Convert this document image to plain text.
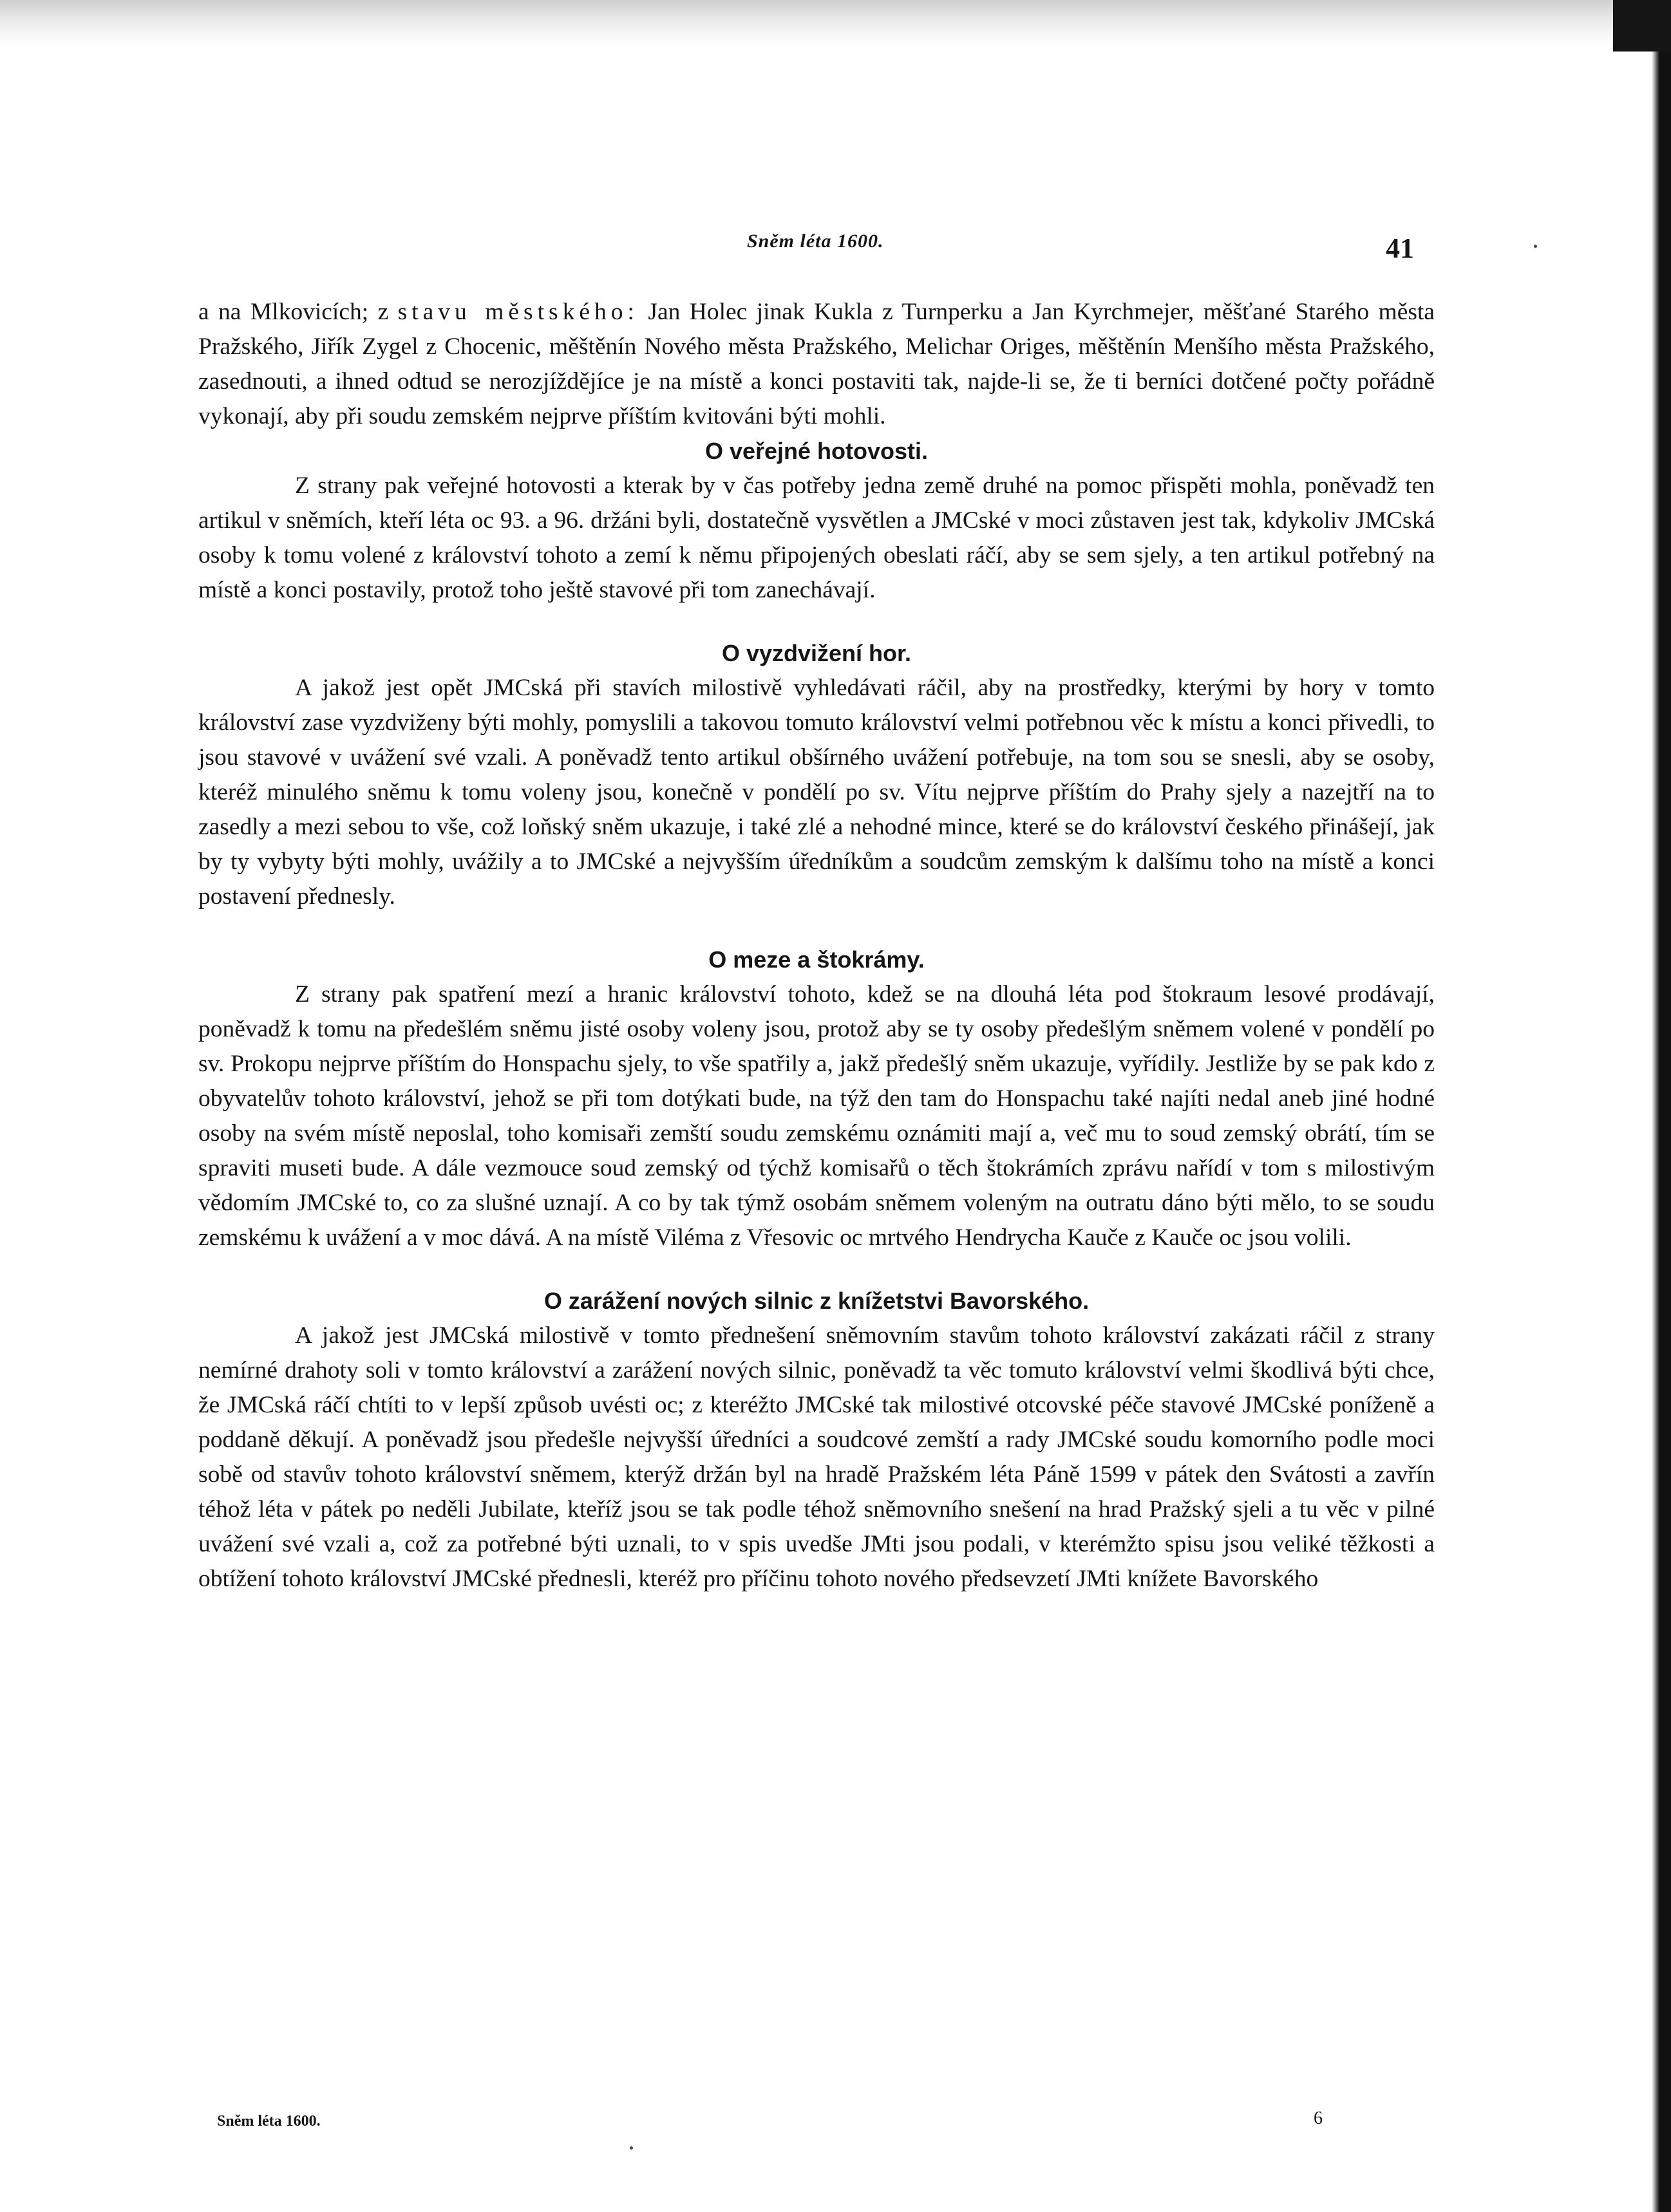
Sněm léta 1600.	41

a na Mlkovicích; z stavu městského: Jan Holec jinak Kukla z Turnperku a Jan Kyrchmejer, měšťané Starého města Pražského, Jiřík Zygel z Chocenic, měštěnín Nového města Pražského, Melichar Origes, měštěnín Menšího města Pražského, zasednouti, a ihned odtud se nerozjíždějíce je na místě a konci postaviti tak, najde-li se, že ti berníci dotčené počty pořádně vykonají, aby při soudu zemském nejprve příštím kvitováni býti mohli.

O veřejné hotovosti.

Z strany pak veřejné hotovosti a kterak by v čas potřeby jedna země druhé na pomoc přispěti mohla, poněvadž ten artikul v sněmích, kteří léta oc 93. a 96. držáni byli, dostatečně vysvětlen a JMCské v moci zůstaven jest tak, kdykoliv JMCská osoby k tomu volené z království tohoto a zemí k němu připojených obeslati ráčí, aby se sem sjely, a ten artikul potřebný na místě a konci postavily, protož toho ještě stavové při tom zanechávají.

O vyzdvižení hor.

A jakož jest opět JMCská při stavích milostivě vyhledávati ráčil, aby na prostředky, kterými by hory v tomto království zase vyzdviženy býti mohly, pomyslili a takovou tomuto království velmi potřebnou věc k místu a konci přivedli, to jsou stavové v uvážení své vzali. A poněvadž tento artikul obšírného uvážení potřebuje, na tom sou se snesli, aby se osoby, kteréž minulého sněmu k tomu voleny jsou, konečně v pondělí po sv. Vítu nejprve příštím do Prahy sjely a nazejtří na to zasedly a mezi sebou to vše, což loňský sněm ukazuje, i také zlé a nehodné mince, které se do království českého přinášejí, jak by ty vybyty býti mohly, uvážily a to JMCské a nejvyšším úředníkům a soudcům zemským k dalšímu toho na místě a konci postavení přednesly.

O meze a štokrámy.

Z strany pak spatření mezí a hranic království tohoto, kdež se na dlouhá léta pod štokraum lesové prodávají, poněvadž k tomu na předešlém sněmu jisté osoby voleny jsou, protož aby se ty osoby předešlým sněmem volené v pondělí po sv. Prokopu nejprve příštím do Honspachu sjely, to vše spatřily a, jakž předešlý sněm ukazuje, vyřídily. Jestliže by se pak kdo z obyvatelův tohoto království, jehož se při tom dotýkati bude, na týž den tam do Honspachu také najíti nedal aneb jiné hodné osoby na svém místě neposlal, toho komisaři zemští soudu zemskému oznámiti mají a, več mu to soud zemský obrátí, tím se spraviti museti bude. A dále vezmouce soud zemský od týchž komisařů o těch štokrámích zprávu nařídí v tom s milostivým vědomím JMCské to, co za slušné uznají. A co by tak týmž osobám sněmem voleným na outratu dáno býti mělo, to se soudu zemskému k uvážení a v moc dává. A na místě Viléma z Vřesovic oc mrtvého Hendrycha Kauče z Kauče oc jsou volili.

O zarážení nových silnic z knížetstvi Bavorského.

A jakož jest JMCská milostivě v tomto přednešení sněmovním stavům tohoto království zakázati ráčil z strany nemírné drahoty soli v tomto království a zarážení nových silnic, poněvadž ta věc tomuto království velmi škodlivá býti chce, že JMCská ráčí chtíti to v lepší způsob uvésti oc; z kteréžto JMCské tak milostivé otcovské péče stavové JMCské poníženě a poddaně děkují. A poněvadž jsou předešle nejvyšší úředníci a soudcové zemští a rady JMCské soudu komorního podle moci sobě od stavův tohoto království sněmem, kterýž držán byl na hradě Pražském léta Páně 1599 v pátek den Svátosti a zavřín téhož léta v pátek po neděli Jubilate, kteříž jsou se tak podle téhož sněmovního snešení na hrad Pražský sjeli a tu věc v pilné uvážení své vzali a, což za potřebné býti uznali, to v spis uvedše JMti jsou podali, v kterémžto spisu jsou veliké těžkosti a obtížení tohoto království JMCské přednesli, kteréž pro příčinu tohoto nového předsevzetí JMti knížete Bavorského

Sněm léta 1600.	6
